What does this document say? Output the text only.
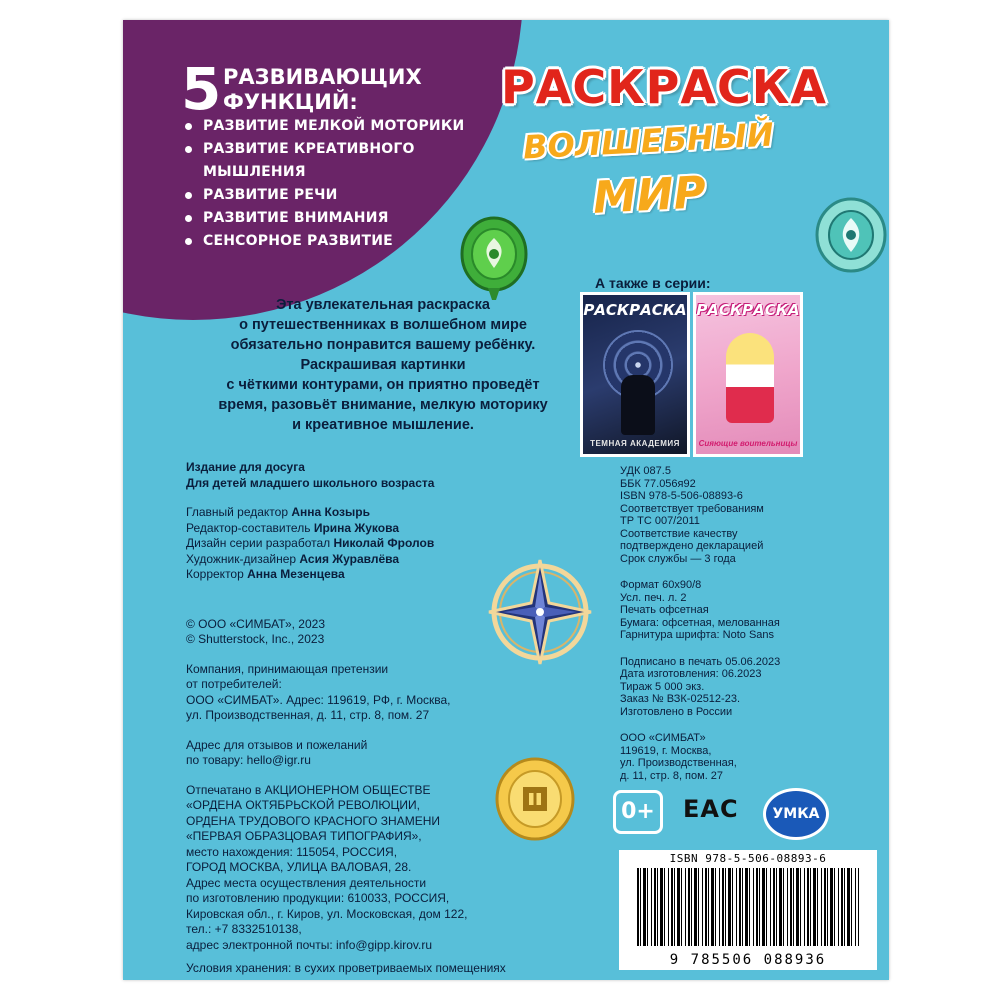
5 РАЗВИВАЮЩИХ
ФУНКЦИЙ:
РАЗВИТИЕ МЕЛКОЙ МОТОРИКИ
РАЗВИТИЕ КРЕАТИВНОГО МЫШЛЕНИЯ
РАЗВИТИЕ РЕЧИ
РАЗВИТИЕ ВНИМАНИЯ
СЕНСОРНОЕ РАЗВИТИЕ
РАСКРАСКА
ВОЛШЕБНЫЙ
МИР
А также в серии:
РАСКРАСКА
ТЕМНАЯ АКАДЕМИЯ
РАСКРАСКА
Сияющие воительницы
Эта увлекательная раскраска
о путешественниках в волшебном мире
обязательно понравится вашему ребёнку.
Раскрашивая картинки
с чёткими контурами, он приятно проведёт
время, разовьёт внимание, мелкую моторику
и креативное мышление.
Издание для досуга
Для детей младшего школьного возраста
Главный редактор Анна Козырь
Редактор-составитель Ирина Жукова
Дизайн серии разработал Николай Фролов
Художник-дизайнер Асия Журавлёва
Корректор Анна Мезенцева
© ООО «СИМБАТ», 2023
© Shutterstock, Inc., 2023
Компания, принимающая претензии
от потребителей:
ООО «СИМБАТ». Адрес: 119619, РФ, г. Москва,
ул. Производственная, д. 11, стр. 8, пом. 27
Адрес для отзывов и пожеланий
по товару: hello@igr.ru
Отпечатано в АКЦИОНЕРНОМ ОБЩЕСТВЕ
«ОРДЕНА ОКТЯБРЬСКОЙ РЕВОЛЮЦИИ,
ОРДЕНА ТРУДОВОГО КРАСНОГО ЗНАМЕНИ
«ПЕРВАЯ ОБРАЗЦОВАЯ ТИПОГРАФИЯ»,
место нахождения: 115054, РОССИЯ,
ГОРОД МОСКВА, УЛИЦА ВАЛОВАЯ, 28.
Адрес места осуществления деятельности
по изготовлению продукции: 610033, РОССИЯ,
Кировская обл., г. Киров, ул. Московская, дом 122,
тел.: +7 8332510138,
адрес электронной почты: info@gipp.kirov.ru
Условия хранения: в сухих проветриваемых помещениях
УДК 087.5
ББК 77.056я92
ISBN 978-5-506-08893-6
Соответствует требованиям
ТР ТС 007/2011
Соответствие качеству
подтверждено декларацией
Срок службы — 3 года
Формат 60х90/8
Усл. печ. л. 2
Печать офсетная
Бумага: офсетная, мелованная
Гарнитура шрифта: Noto Sans
Подписано в печать 05.06.2023
Дата изготовления: 06.2023
Тираж 5 000 экз.
Заказ № ВЗК-02512-23.
Изготовлено в России
ООО «СИМБАТ»
119619, г. Москва,
ул. Производственная,
д. 11, стр. 8, пом. 27
0+	ЕАС	УМКА
ISBN 978-5-506-08893-6
9 785506 088936
